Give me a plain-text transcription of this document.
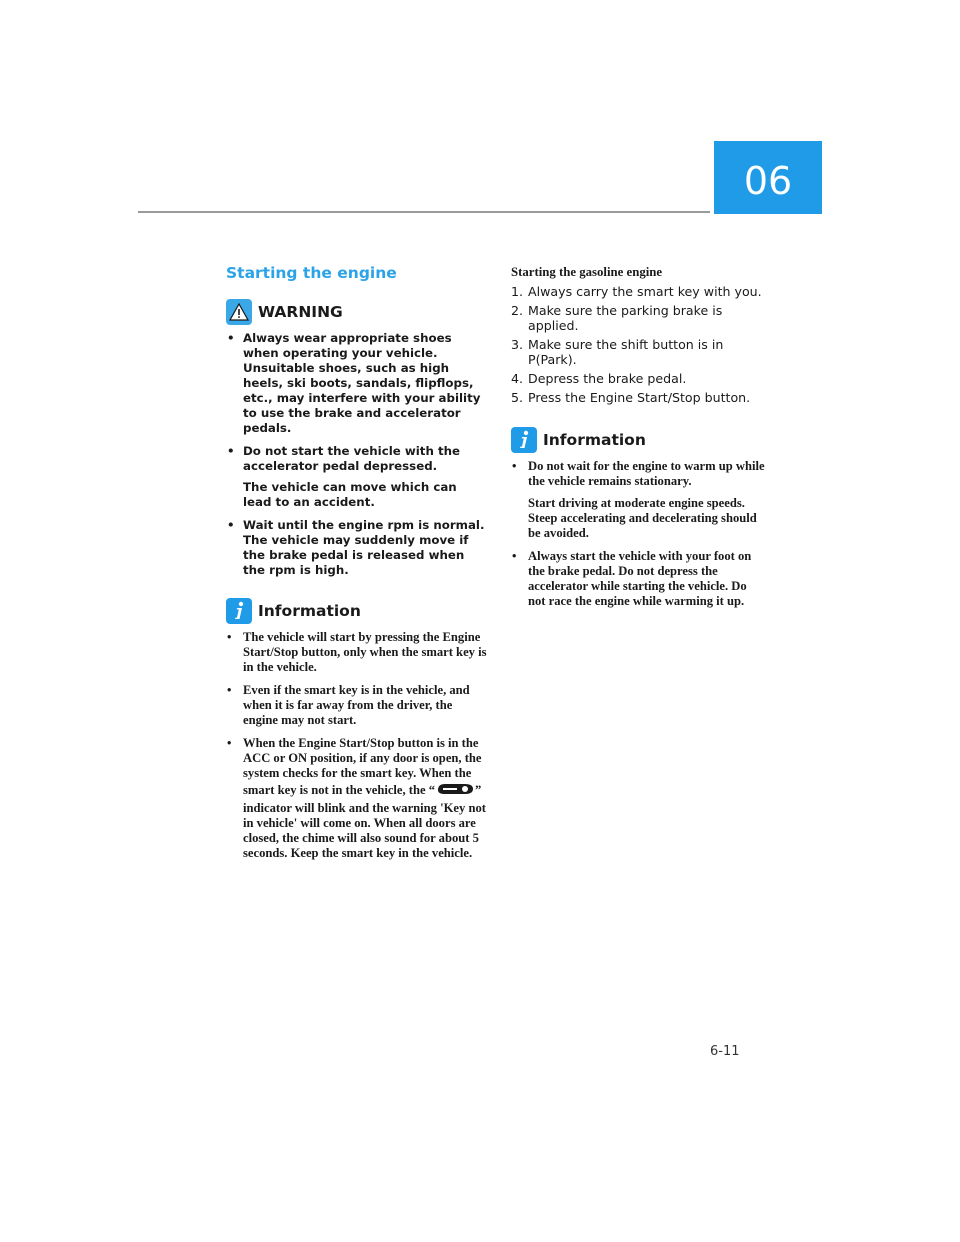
06
Starting the engine
WARNING

• Always wear appropriate shoes when operating your vehicle. Unsuitable shoes, such as high heels, ski boots, sandals, flipflops, etc., may interfere with your ability to use the brake and accelerator pedals.

• Do not start the vehicle with the accelerator pedal depressed.

The vehicle can move which can lead to an accident.

• Wait until the engine rpm is normal. The vehicle may suddenly move if the brake pedal is released when the rpm is high.

Information

• The vehicle will start by pressing the Engine Start/Stop button, only when the smart key is in the vehicle.

• Even if the smart key is in the vehicle, and when it is far away from the driver, the engine may not start.

• When the Engine Start/Stop button is in the ACC or ON position, if any door is open, the system checks for the smart key. When the smart key is not in the vehicle, the “	” indicator will blink and the warning 'Key not in vehicle' will come on. When all doors are closed, the chime will also sound for about 5 seconds. Keep the smart key in the vehicle.

Starting the gasoline engine
1. Always carry the smart key with you.
2. Make sure the parking brake is applied.
3. Make sure the shift button is in P(Park).
4. Depress the brake pedal.
5. Press the Engine Start/Stop button.
Information

• Do not wait for the engine to warm up while the vehicle remains stationary.

Start driving at moderate engine speeds. Steep accelerating and decelerating should be avoided.

• Always start the vehicle with your foot on the brake pedal. Do not depress the accelerator while starting the vehicle. Do not race the engine while warming it up.

6-11
